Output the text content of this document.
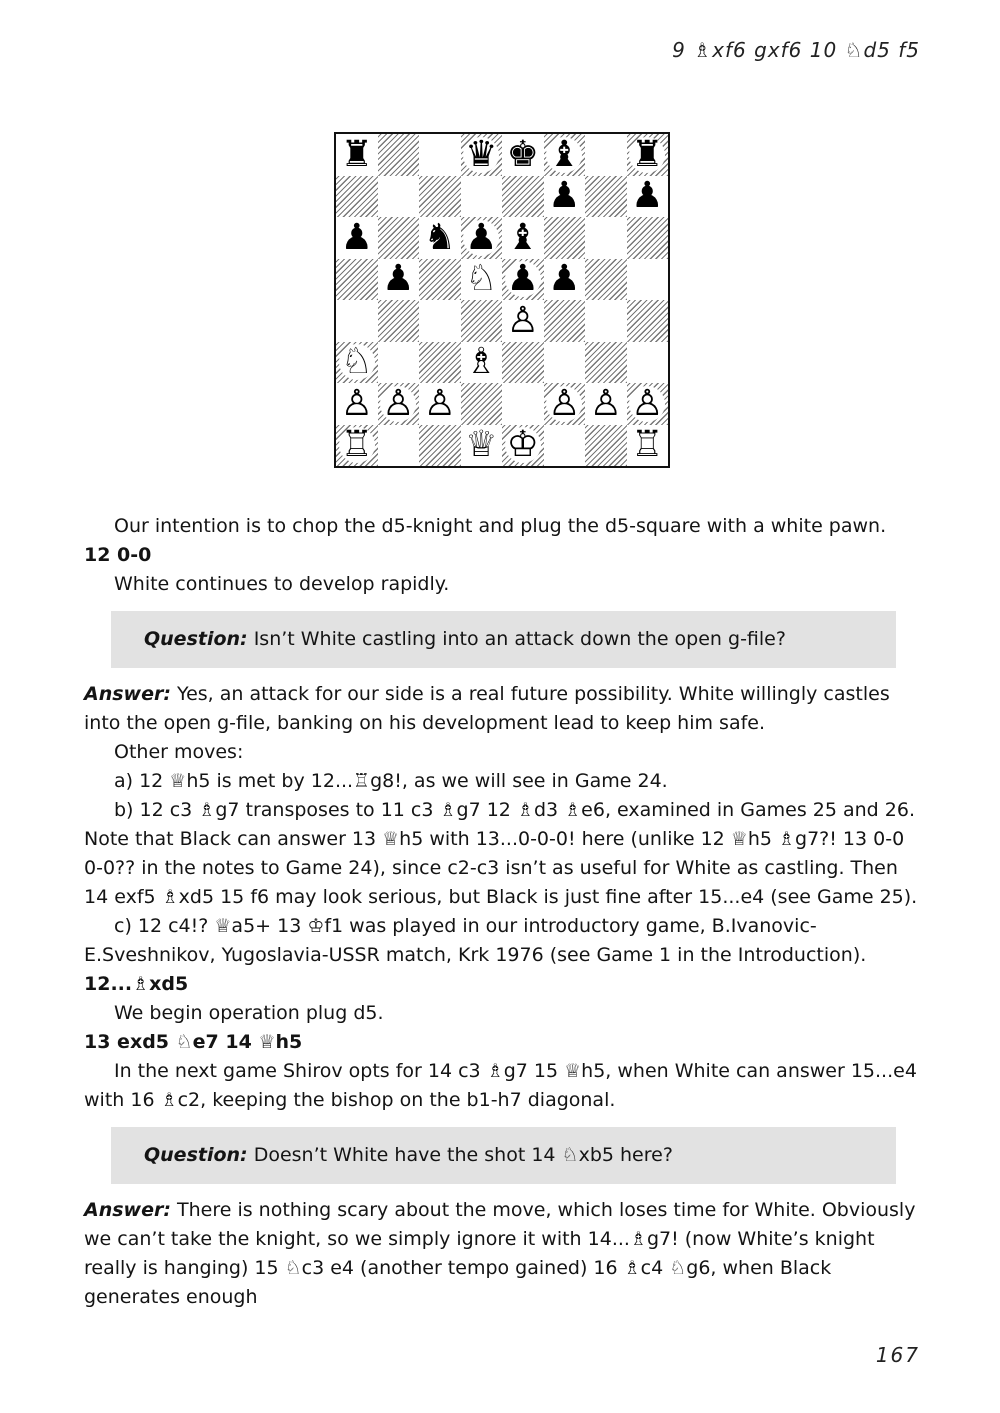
9 ♗xf6 gxf6 10 ♘d5 f5
♜	♛ ♚ ♝ ♜
♟ ♟
♟ ♞ ♟ ♝
♟ ♘ ♟ ♟
♙
♘	♗
♙ ♙ ♙	♙ ♙ ♙
♖	♕ ♔	♖

Our intention is to chop the d5-knight and plug the d5-square with a white pawn.

12 0-0

White continues to develop rapidly.

Question: Isn’t White castling into an attack down the open g-file?

Answer: Yes, an attack for our side is a real future possibility. White willingly castles into the open g-file, banking on his development lead to keep him safe.

Other moves:

a) 12 ♕h5 is met by 12...♖g8!, as we will see in Game 24.

b) 12 c3 ♗g7 transposes to 11 c3 ♗g7 12 ♗d3 ♗e6, examined in Games 25 and 26. Note that Black can answer 13 ♕h5 with 13...0-0-0! here (unlike 12 ♕h5 ♗g7?! 13 0-0 0-0?? in the notes to Game 24), since c2-c3 isn’t as useful for White as castling. Then 14 exf5 ♗xd5 15 f6 may look serious, but Black is just fine after 15...e4 (see Game 25).

c) 12 c4!? ♕a5+ 13 ♔f1 was played in our introductory game, B.Ivanovic-E.Sveshnikov, Yugoslavia-USSR match, Krk 1976 (see Game 1 in the Introduction).

12...♗xd5

We begin operation plug d5.

13 exd5 ♘e7 14 ♕h5

In the next game Shirov opts for 14 c3 ♗g7 15 ♕h5, when White can answer 15...e4 with 16 ♗c2, keeping the bishop on the b1-h7 diagonal.

Question: Doesn’t White have the shot 14 ♘xb5 here?

Answer: There is nothing scary about the move, which loses time for White. Obviously we can’t take the knight, so we simply ignore it with 14...♗g7! (now White’s knight really is hanging) 15 ♘c3 e4 (another tempo gained) 16 ♗c4 ♘g6, when Black generates enough

167
